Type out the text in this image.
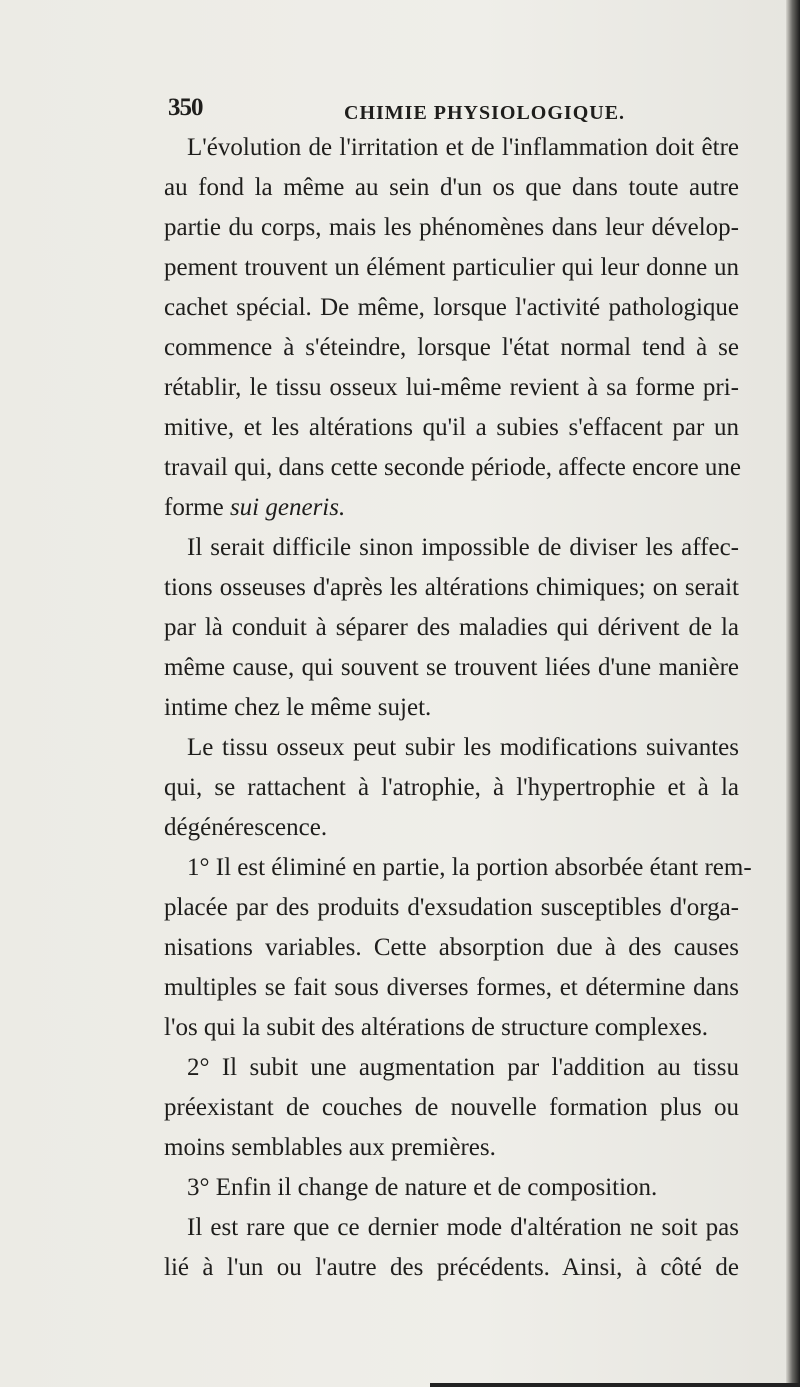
350	CHIMIE PHYSIOLOGIQUE.
L'évolution de l'irritation et de l'inflammation doit être
au fond la même au sein d'un os que dans toute autre
partie du corps, mais les phénomènes dans leur dévelop-
pement trouvent un élément particulier qui leur donne un
cachet spécial. De même, lorsque l'activité pathologique
commence à s'éteindre, lorsque l'état normal tend à se
rétablir, le tissu osseux lui-même revient à sa forme pri-
mitive, et les altérations qu'il a subies s'effacent par un
travail qui, dans cette seconde période, affecte encore une
forme sui generis.
Il serait difficile sinon impossible de diviser les affec-
tions osseuses d'après les altérations chimiques; on serait
par là conduit à séparer des maladies qui dérivent de la
même cause, qui souvent se trouvent liées d'une manière
intime chez le même sujet.
Le tissu osseux peut subir les modifications suivantes
qui, se rattachent à l'atrophie, à l'hypertrophie et à la
dégénérescence.
1° Il est éliminé en partie, la portion absorbée étant rem-
placée par des produits d'exsudation susceptibles d'orga-
nisations variables. Cette absorption due à des causes
multiples se fait sous diverses formes, et détermine dans
l'os qui la subit des altérations de structure complexes.
2° Il subit une augmentation par l'addition au tissu
préexistant de couches de nouvelle formation plus ou
moins semblables aux premières.
3° Enfin il change de nature et de composition.
Il est rare que ce dernier mode d'altération ne soit pas
lié à l'un ou l'autre des précédents. Ainsi, à côté de
